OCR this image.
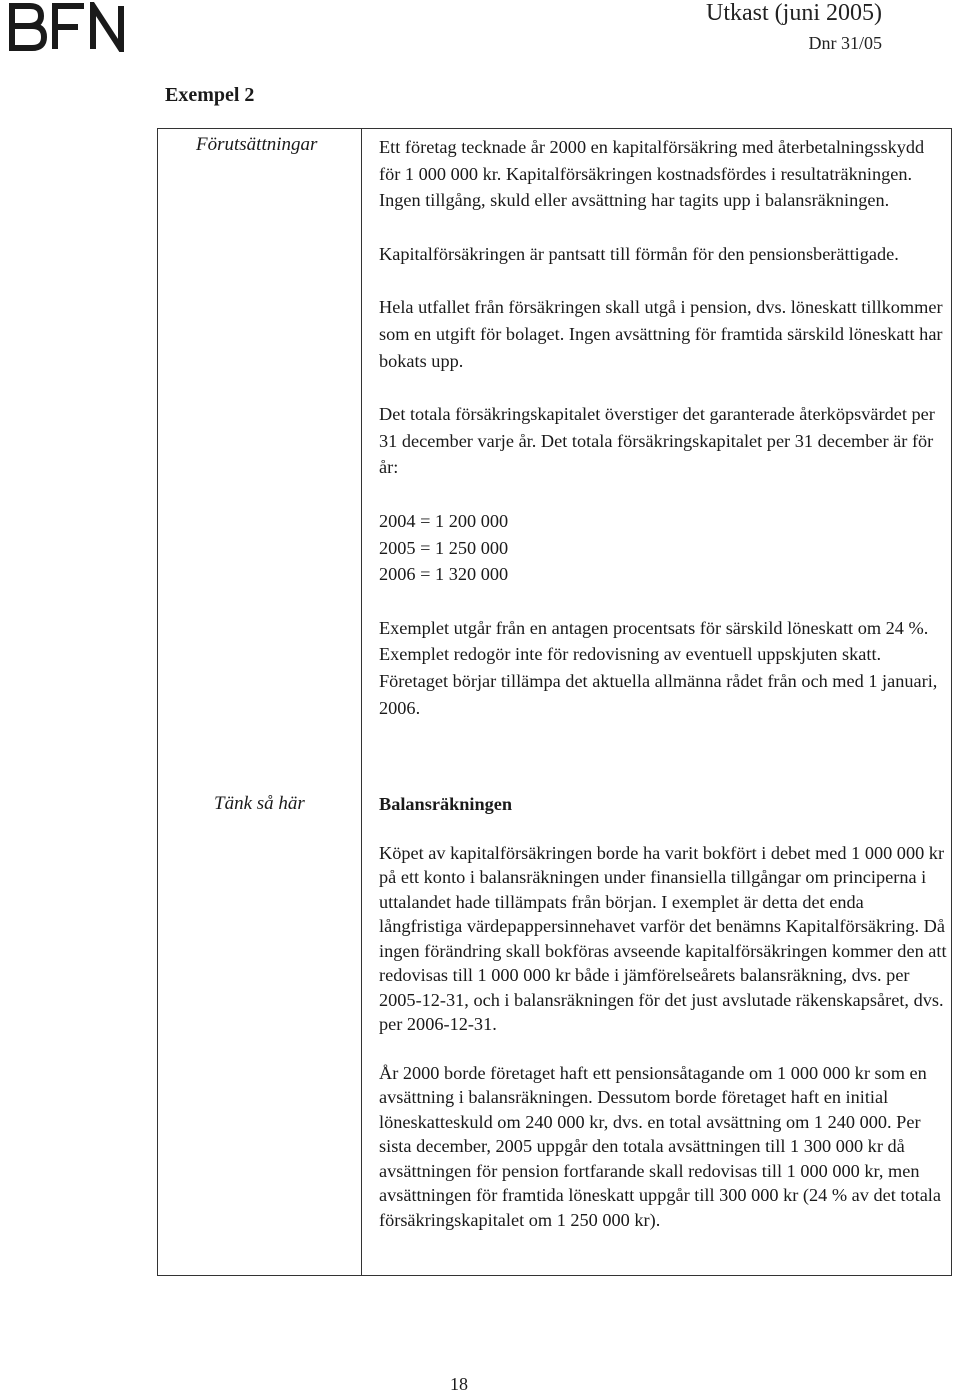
Utkast (juni 2005)
Dnr 31/05
Exempel 2
Förutsättningar
Tänk så här

Ett företag tecknade år 2000 en kapitalförsäkring med återbetalningsskydd för 1 000 000 kr. Kapitalförsäkringen kostnadsfördes i resultaträkningen. Ingen tillgång, skuld eller avsättning har tagits upp i balansräkningen.

Kapitalförsäkringen är pantsatt till förmån för den pensionsberättigade.

Hela utfallet från försäkringen skall utgå i pension, dvs. löneskatt tillkommer som en utgift för bolaget. Ingen avsättning för framtida särskild löneskatt har bokats upp.

Det totala försäkringskapitalet överstiger det garanterade återköpsvärdet per 31 december varje år. Det totala försäkringskapitalet per 31 december är för år:

2004 = 1 200 000
2005 = 1 250 000
2006 = 1 320 000

Exemplet utgår från en antagen procentsats för särskild löneskatt om 24 %. Exemplet redogör inte för redovisning av eventuell uppskjuten skatt. Företaget börjar tillämpa det aktuella allmänna rådet från och med 1 januari, 2006.

Balansräkningen

Köpet av kapitalförsäkringen borde ha varit bokfört i debet med 1 000 000 kr på ett konto i balansräkningen under finansiella tillgångar om principerna i uttalandet hade tillämpats från början. I exemplet är detta det enda långfristiga värdepappersinnehavet varför det benämns Kapitalförsäkring. Då ingen förändring skall bokföras avseende kapitalförsäkringen kommer den att redovisas till 1 000 000 kr både i jämförelseårets balansräkning, dvs. per 2005-12-31, och i balansräkningen för det just avslutade räkenskapsåret, dvs. per 2006-12-31.

År 2000 borde företaget haft ett pensionsåtagande om 1 000 000 kr som en avsättning i balansräkningen. Dessutom borde företaget haft en initial löneskatteskuld om 240 000 kr, dvs. en total avsättning om 1 240 000. Per sista december, 2005 uppgår den totala avsättningen till 1 300 000 kr då avsättningen för pension fortfarande skall redovisas till 1 000 000 kr, men avsättningen för framtida löneskatt uppgår till 300 000 kr (24 % av det totala försäkringskapitalet om 1 250 000 kr).

18
